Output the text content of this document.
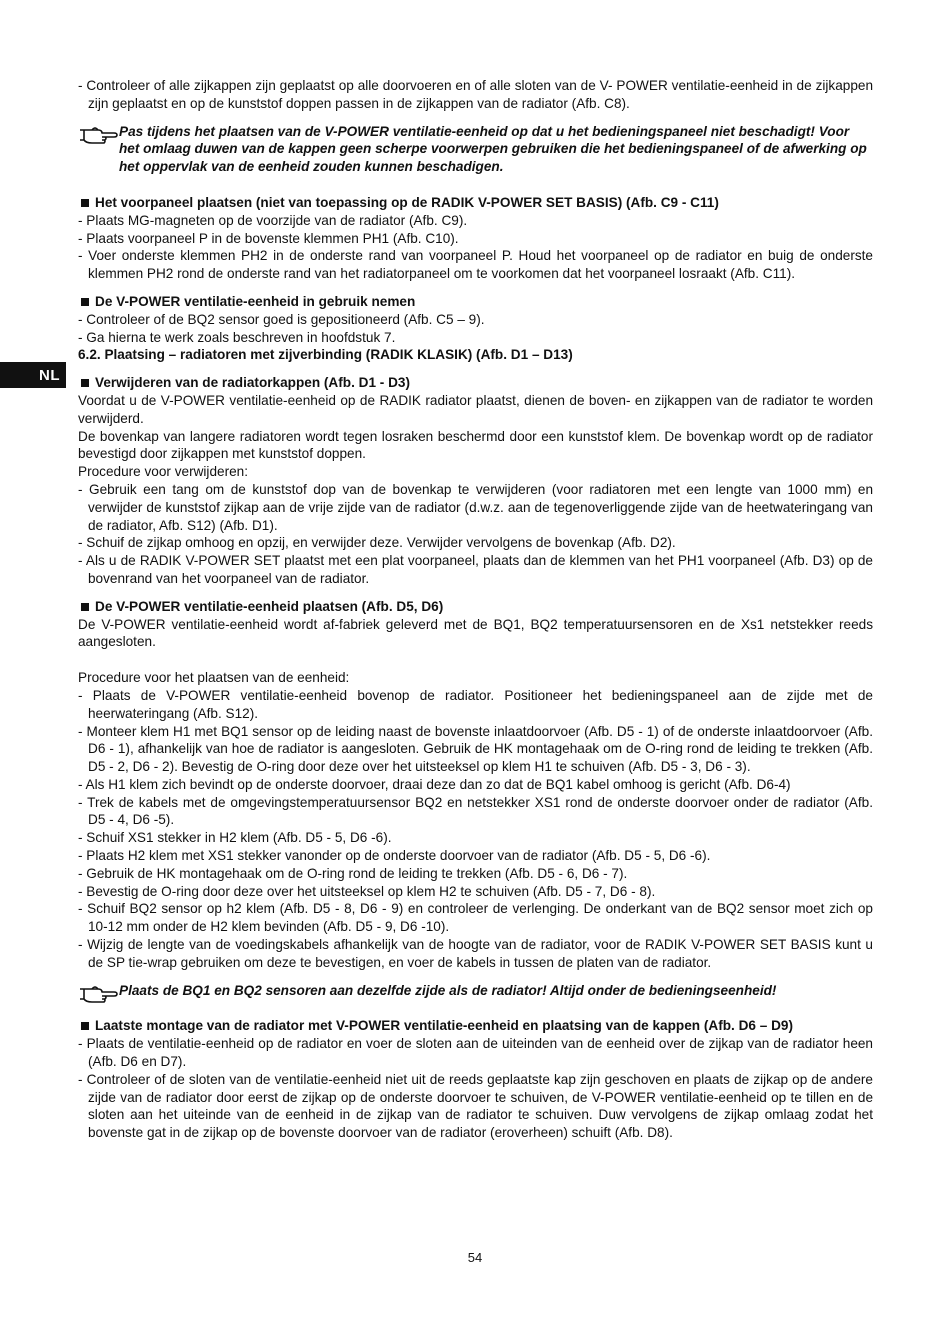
NL

- Controleer of alle zijkappen zijn geplaatst op alle doorvoeren en of alle sloten van de V- POWER ventilatie-eenheid in de zijkappen zijn geplaatst en op de kunststof doppen passen in de zijkappen van de radiator (Afb. C8).

Pas tijdens het plaatsen van de V-POWER ventilatie-eenheid op dat u het bedieningspaneel niet beschadigt! Voor het omlaag duwen van de kappen geen scherpe voorwerpen gebruiken die het bedieningspaneel of de afwerking op het oppervlak van de eenheid zouden kunnen beschadigen.

Het voorpaneel plaatsen (niet van toepassing op de RADIK V-POWER SET BASIS) (Afb. C9 - C11)

- Plaats MG-magneten op de voorzijde van de radiator (Afb. C9).

- Plaats voorpaneel P in de bovenste klemmen PH1 (Afb. C10).

- Voer onderste klemmen PH2 in de onderste rand van voorpaneel P. Houd het voorpaneel op de radiator en buig de onderste klemmen PH2 rond de onderste rand van het radiatorpaneel om te voorkomen dat het voorpaneel losraakt (Afb. C11).

De V-POWER ventilatie-eenheid in gebruik nemen

- Controleer of de BQ2 sensor goed is gepositioneerd (Afb. C5 – 9).

- Ga hierna te werk zoals beschreven in hoofdstuk 7.

6.2. Plaatsing – radiatoren met zijverbinding (RADIK KLASIK) (Afb. D1 – D13)

Verwijderen van de radiatorkappen (Afb. D1 - D3)

Voordat u de V-POWER ventilatie-eenheid op de RADIK radiator plaatst, dienen de boven- en zijkappen van de radiator te worden verwijderd.

De bovenkap van langere radiatoren wordt tegen losraken beschermd door een kunststof klem. De bovenkap wordt op de radiator bevestigd door zijkappen met kunststof doppen.

Procedure voor verwijderen:

- Gebruik een tang om de kunststof dop van de bovenkap te verwijderen (voor radiatoren met een lengte van 1000 mm) en verwijder de kunststof zijkap aan de vrije zijde van de radiator (d.w.z. aan de tegenoverliggende zijde van de heetwateringang van de radiator, Afb. S12) (Afb. D1).

- Schuif de zijkap omhoog en opzij, en verwijder deze. Verwijder vervolgens de bovenkap (Afb. D2).

- Als u de RADIK V-POWER SET plaatst met een plat voorpaneel, plaats dan de klemmen van het PH1 voorpaneel (Afb. D3) op de bovenrand van het voorpaneel van de radiator.

De V-POWER ventilatie-eenheid plaatsen (Afb. D5, D6)

De V-POWER ventilatie-eenheid wordt af-fabriek geleverd met de BQ1, BQ2 temperatuursensoren en de Xs1 netstekker reeds aangesloten.

Procedure voor het plaatsen van de eenheid:

- Plaats de V-POWER ventilatie-eenheid bovenop de radiator. Positioneer het bedieningspaneel aan de zijde met de heerwateringang (Afb. S12).

- Monteer klem H1 met BQ1 sensor op de leiding naast de bovenste inlaatdoorvoer (Afb. D5 - 1) of de onderste inlaatdoorvoer (Afb. D6 - 1), afhankelijk van hoe de radiator is aangesloten. Gebruik de HK montagehaak om de O-ring rond de leiding te trekken (Afb. D5 - 2, D6 - 2). Bevestig de O-ring door deze over het uitsteeksel op klem H1 te schuiven (Afb. D5 - 3, D6 - 3).

- Als H1 klem zich bevindt op de onderste doorvoer, draai deze dan zo dat de BQ1 kabel omhoog is gericht (Afb. D6-4)

- Trek de kabels met de omgevingstemperatuursensor BQ2 en netstekker XS1 rond de onderste doorvoer onder de radiator (Afb. D5 - 4, D6 -5).

- Schuif XS1 stekker in H2 klem (Afb. D5 - 5, D6 -6).

- Plaats H2 klem met XS1 stekker vanonder op de onderste doorvoer van de radiator (Afb. D5 - 5, D6 -6).

- Gebruik de HK montagehaak om de O-ring rond de leiding te trekken (Afb. D5 - 6, D6 - 7).

- Bevestig de O-ring door deze over het uitsteeksel op klem H2 te schuiven (Afb. D5 - 7, D6 - 8).

- Schuif BQ2 sensor op h2 klem (Afb. D5 - 8, D6 - 9) en controleer de verlenging. De onderkant van de BQ2 sensor moet zich op 10-12 mm onder de H2 klem bevinden (Afb. D5 - 9, D6 -10).

- Wijzig de lengte van de voedingskabels afhankelijk van de hoogte van de radiator, voor de RADIK V-POWER SET BASIS kunt u de SP tie-wrap gebruiken om deze te bevestigen, en voer de kabels in tussen de platen van de radiator.

Plaats de BQ1 en BQ2 sensoren aan dezelfde zijde als de radiator! Altijd onder de bedieningseenheid!

Laatste montage van de radiator met V-POWER ventilatie-eenheid en plaatsing van de kappen (Afb. D6 – D9)

- Plaats de ventilatie-eenheid op de radiator en voer de sloten aan de uiteinden van de eenheid over de zijkap van de radiator heen (Afb. D6 en D7).

- Controleer of de sloten van de ventilatie-eenheid niet uit de reeds geplaatste kap zijn geschoven en plaats de zijkap op de andere zijde van de radiator door eerst de zijkap op de onderste doorvoer te schuiven, de V-POWER ventilatie-eenheid op te tillen en de sloten aan het uiteinde van de eenheid in de zijkap van de radiator te schuiven. Duw vervolgens de zijkap omlaag zodat het bovenste gat in de zijkap op de bovenste doorvoer van de radiator (eroverheen) schuift (Afb. D8).

54
